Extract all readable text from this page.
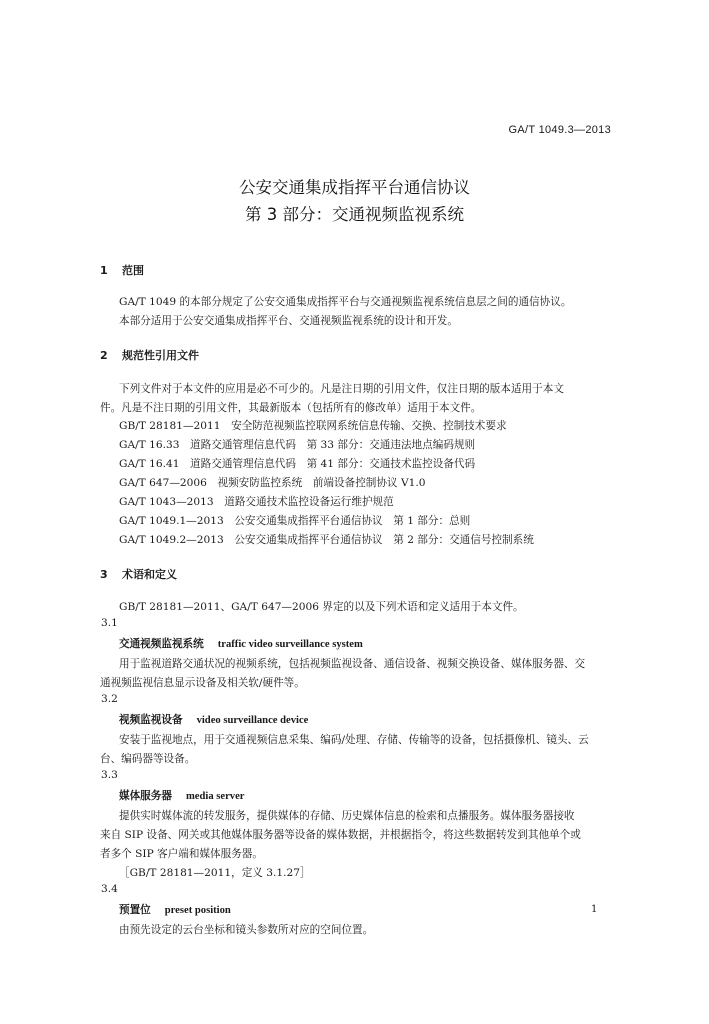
GA/T 1049.3—2013
公安交通集成指挥平台通信协议
第 3 部分：交通视频监视系统
1 范围
GA/T 1049 的本部分规定了公安交通集成指挥平台与交通视频监视系统信息层之间的通信协议。
本部分适用于公安交通集成指挥平台、交通视频监视系统的设计和开发。
2 规范性引用文件
下列文件对于本文件的应用是必不可少的。凡是注日期的引用文件，仅注日期的版本适用于本文
件。凡是不注日期的引用文件，其最新版本（包括所有的修改单）适用于本文件。
GB/T 28181—2011　安全防范视频监控联网系统信息传输、交换、控制技术要求
GA/T 16.33　道路交通管理信息代码　第 33 部分：交通违法地点编码规则
GA/T 16.41　道路交通管理信息代码　第 41 部分：交通技术监控设备代码
GA/T 647—2006　视频安防监控系统　前端设备控制协议 V1.0
GA/T 1043—2013　道路交通技术监控设备运行维护规范
GA/T 1049.1—2013　公安交通集成指挥平台通信协议　第 1 部分：总则
GA/T 1049.2—2013　公安交通集成指挥平台通信协议　第 2 部分：交通信号控制系统
3 术语和定义
GB/T 28181—2011、GA/T 647—2006 界定的以及下列术语和定义适用于本文件。
3.1
交通视频监视系统 traffic video surveillance system
用于监视道路交通状况的视频系统，包括视频监视设备、通信设备、视频交换设备、媒体服务器、交
通视频监视信息显示设备及相关软/硬件等。
3.2
视频监视设备 video surveillance device
安装于监视地点，用于交通视频信息采集、编码/处理、存储、传输等的设备，包括摄像机、镜头、云
台、编码器等设备。
3.3
媒体服务器 media server
提供实时媒体流的转发服务，提供媒体的存储、历史媒体信息的检索和点播服务。媒体服务器接收
来自 SIP 设备、网关或其他媒体服务器等设备的媒体数据，并根据指令，将这些数据转发到其他单个或
者多个 SIP 客户端和媒体服务器。
［GB/T 28181—2011，定义 3.1.27］
3.4
预置位 preset position
由预先设定的云台坐标和镜头参数所对应的空间位置。
1
